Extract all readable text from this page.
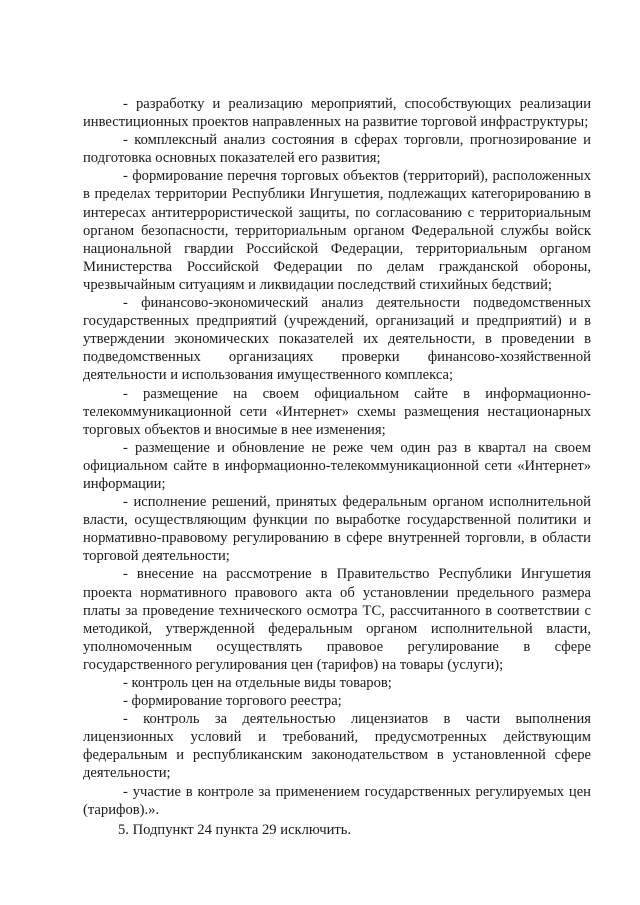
- разработку и реализацию мероприятий, способствующих реализации инвестиционных проектов направленных на развитие торговой инфраструктуры;

- комплексный анализ состояния в сферах торговли, прогнозирование и подготовка основных показателей его развития;

- формирование перечня торговых объектов (территорий), расположенных в пределах территории Республики Ингушетия, подлежащих категорированию в интересах антитеррористической защиты, по согласованию с территориальным органом безопасности, территориальным органом Федеральной службы войск национальной гвардии Российской Федерации, территориальным органом Министерства Российской Федерации по делам гражданской обороны, чрезвычайным ситуациям и ликвидации последствий стихийных бедствий;

- финансово-экономический анализ деятельности подведомственных государственных предприятий (учреждений, организаций и предприятий) и в утверждении экономических показателей их деятельности, в проведении в подведомственных организациях проверки финансово-хозяйственной деятельности и использования имущественного комплекса;

- размещение на своем официальном сайте в информационно-телекоммуникационной сети «Интернет» схемы размещения нестационарных торговых объектов и вносимые в нее изменения;

- размещение и обновление не реже чем один раз в квартал на своем официальном сайте в информационно-телекоммуникационной сети «Интернет» информации;

- исполнение решений, принятых федеральным органом исполнительной власти, осуществляющим функции по выработке государственной политики и нормативно-правовому регулированию в сфере внутренней торговли, в области торговой деятельности;

- внесение на рассмотрение в Правительство Республики Ингушетия проекта нормативного правового акта об установлении предельного размера платы за проведение технического осмотра ТС, рассчитанного в соответствии с методикой, утвержденной федеральным органом исполнительной власти, уполномоченным осуществлять правовое регулирование в сфере государственного регулирования цен (тарифов) на товары (услуги);

- контроль цен на отдельные виды товаров;

- формирование торгового реестра;

- контроль за деятельностью лицензиатов в части выполнения лицензионных условий и требований, предусмотренных действующим федеральным и республиканским законодательством в установленной сфере деятельности;

- участие в контроле за применением государственных регулируемых цен (тарифов).».

5. Подпункт 24 пункта 29 исключить.
